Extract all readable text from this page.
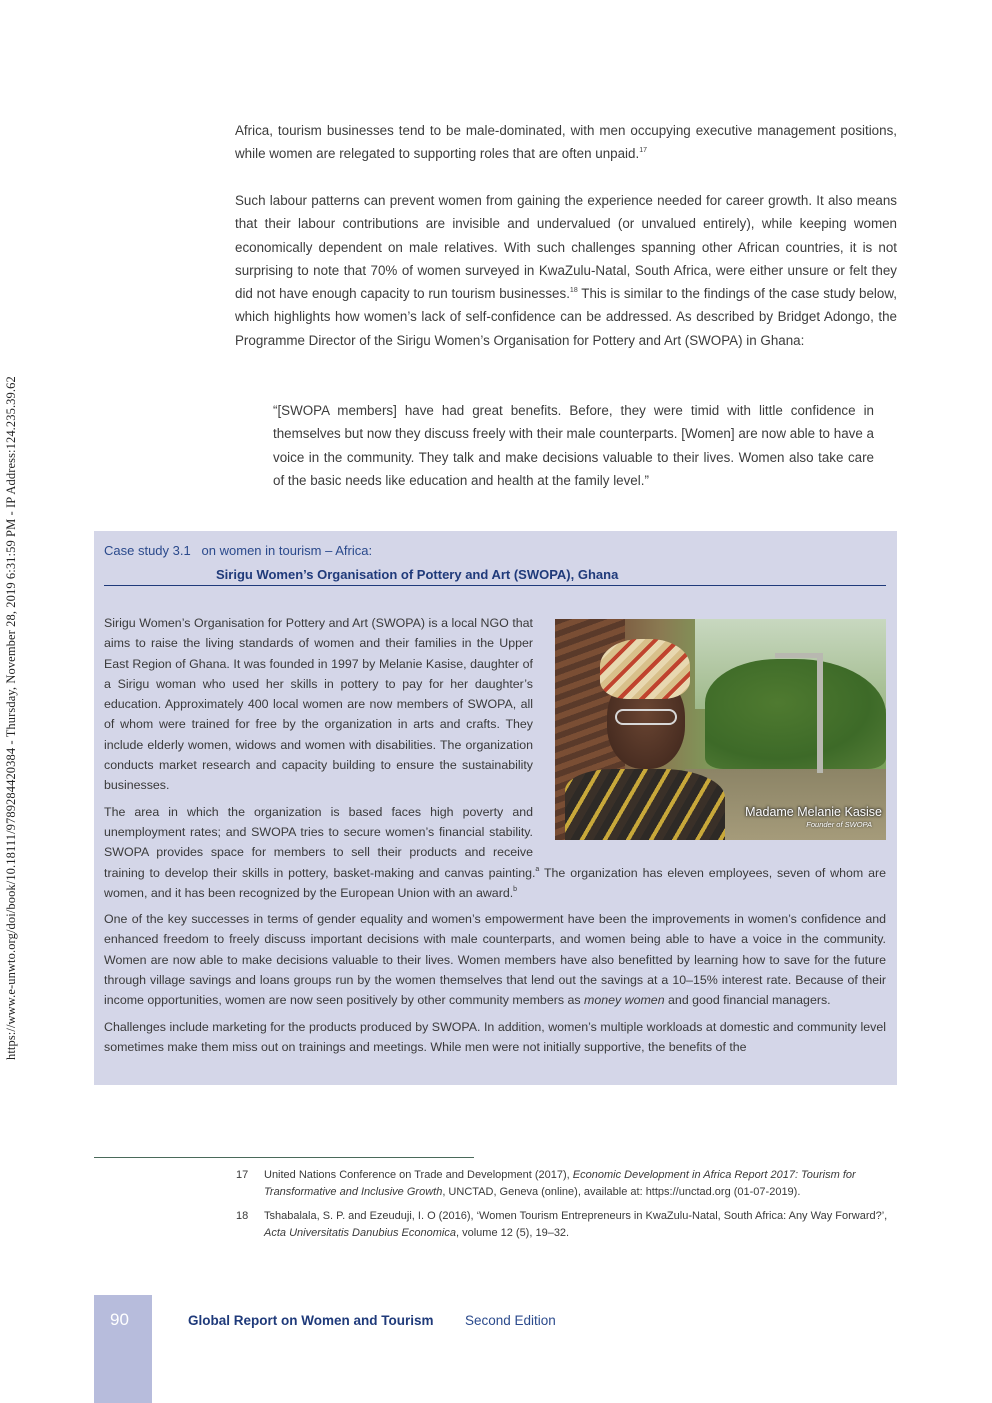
https://www.e-unwto.org/doi/book/10.18111/9789284420384 - Thursday, November 28, 2019 6:31:59 PM - IP Address:124.235.39.62

Africa, tourism businesses tend to be male-dominated, with men occupying executive management positions, while women are relegated to supporting roles that are often unpaid.$^{17}$

Such labour patterns can prevent women from gaining the experience needed for career growth. It also means that their labour contributions are invisible and undervalued (or unvalued entirely), while keeping women economically dependent on male relatives. With such challenges spanning other African countries, it is not surprising to note that 70% of women surveyed in KwaZulu-Natal, South Africa, were either unsure or felt they did not have enough capacity to run tourism businesses.$^{18}$ This is similar to the findings of the case study below, which highlights how women’s lack of self-confidence can be addressed. As described by Bridget Adongo, the Programme Director of the Sirigu Women’s Organisation for Pottery and Art (SWOPA) in Ghana:

“[SWOPA members] have had great benefits. Before, they were timid with little confidence in themselves but now they discuss freely with their male counterparts. [Women] are now able to have a voice in the community. They talk and make decisions valuable to their lives. Women also take care of the basic needs like education and health at the family level.”

Case study 3.1   on women in tourism – Africa:
Sirigu Women’s Organisation of Pottery and Art (SWOPA), Ghana
Madame Melanie Kasise
Founder of SWOPA

Sirigu Women’s Organisation for Pottery and Art (SWOPA) is a local NGO that aims to raise the living standards of women and their families in the Upper East Region of Ghana. It was founded in 1997 by Melanie Kasise, daughter of a Sirigu woman who used her skills in pottery to pay for her daughter’s education. Approximately 400 local women are now members of SWOPA, all of whom were trained for free by the organization in arts and crafts. They include elderly women, widows and women with disabilities. The organization conducts market research and capacity building to ensure the sustainability businesses.

The area in which the organization is based faces high poverty and unemployment rates; and SWOPA tries to secure women’s financial stability. SWOPA provides space for members to sell their products and receive training to develop their skills in pottery, basket-making and canvas painting.$^a$ The organization has eleven employees, seven of whom are women, and it has been recognized by the European Union with an award.$^b$

One of the key successes in terms of gender equality and women’s empowerment have been the improvements in women’s confidence and enhanced freedom to freely discuss important decisions with male counterparts, and women being able to have a voice in the community. Women are now able to make decisions valuable to their lives. Women members have also benefitted by learning how to save for the future through village savings and loans groups run by the women themselves that lend out the savings at a 10–15% interest rate. Because of their income opportunities, women are now seen positively by other community members as money women and good financial managers.

Challenges include marketing for the products produced by SWOPA. In addition, women’s multiple workloads at domestic and community level sometimes make them miss out on trainings and meetings. While men were not initially supportive, the benefits of the

17 United Nations Conference on Trade and Development (2017), Economic Development in Africa Report 2017: Tourism for Transformative and Inclusive Growth, UNCTAD, Geneva (online), available at: https://unctad.org (01-07-2019).
18 Tshabalala, S. P. and Ezeuduji, I. O (2016), ‘Women Tourism Entrepreneurs in KwaZulu-Natal, South Africa: Any Way Forward?’, Acta Universitatis Danubius Economica, volume 12 (5), 19–32.
90	Global Report on Women and Tourism Second Edition
